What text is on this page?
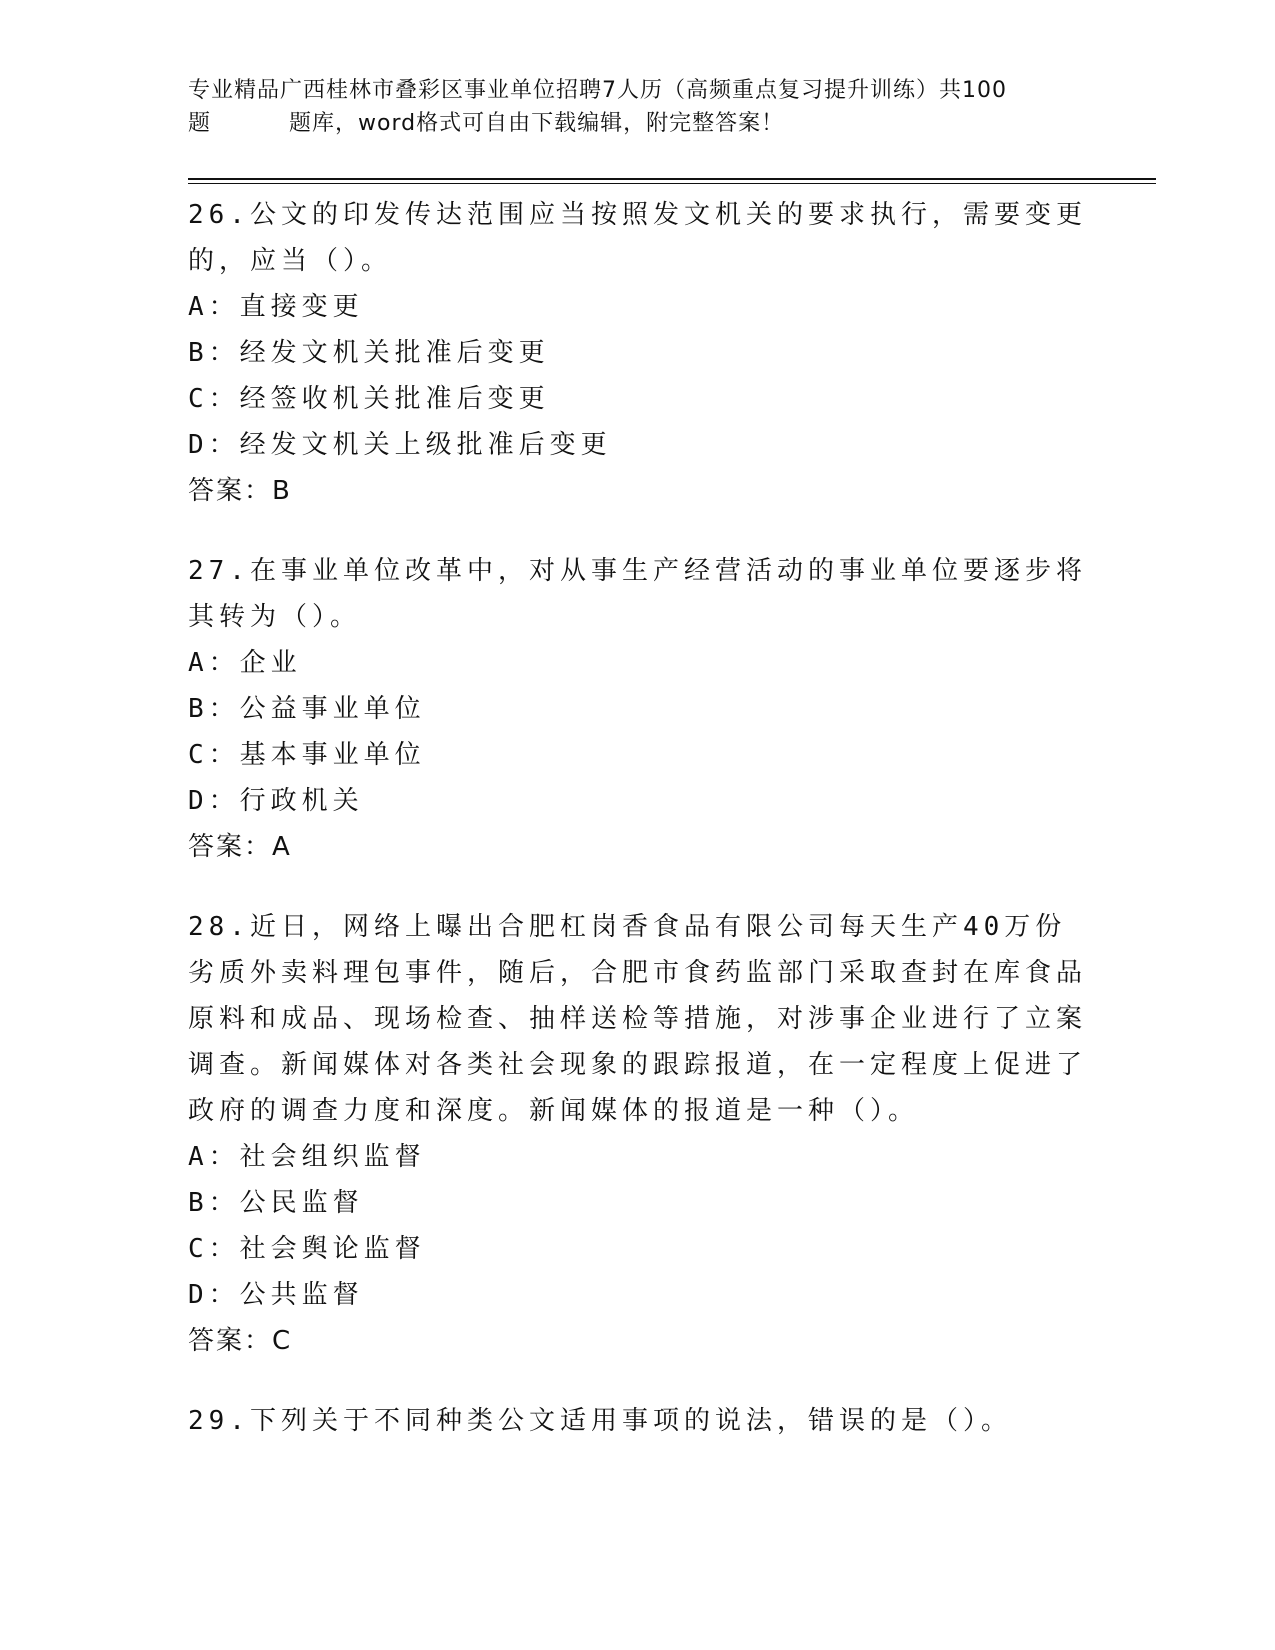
专业精品广西桂林市叠彩区事业单位招聘7人历（高频重点复习提升训练）共100
题	题库，word格式可自由下载编辑，附完整答案！

26.公文的印发传达范围应当按照发文机关的要求执行，需要变更的，应当（）。

A：直接变更

B：经发文机关批准后变更

C：经签收机关批准后变更

D：经发文机关上级批准后变更

答案：B

27.在事业单位改革中，对从事生产经营活动的事业单位要逐步将其转为（）。

A：企业

B：公益事业单位

C：基本事业单位

D：行政机关

答案：A

28.近日，网络上曝出合肥杠岗香食品有限公司每天生产40万份劣质外卖料理包事件，随后，合肥市食药监部门采取查封在库食品原料和成品、现场检查、抽样送检等措施，对涉事企业进行了立案调查。新闻媒体对各类社会现象的跟踪报道，在一定程度上促进了政府的调查力度和深度。新闻媒体的报道是一种（）。

A：社会组织监督

B：公民监督

C：社会舆论监督

D：公共监督

答案：C

29.下列关于不同种类公文适用事项的说法，错误的是（）。
